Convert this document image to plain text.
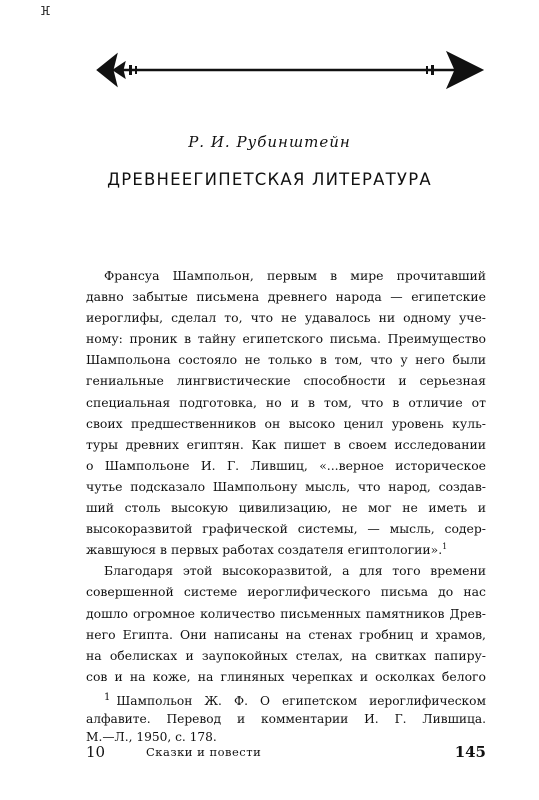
ⴼ
Р. И. Рубинштейн
ДРЕВНЕЕГИПЕТСКАЯ ЛИТЕРАТУРА
Франсуа Шампольон, первым в мире прочитавший
давно забытые письмена древнего народа — египетские
иероглифы, сделал то, что не удавалось ни одному уче-
ному: проник в тайну египетского письма. Преимущество
Шампольона состояло не только в том, что у него были
гениальные лингвистические способности и серьезная
специальная подготовка, но и в том, что в отличие от
своих предшественников он высоко ценил уровень куль-
туры древних египтян. Как пишет в своем исследовании
о Шампольоне И. Г. Лившиц, «...верное историческое
чутье подсказало Шампольону мысль, что народ, создав-
ший столь высокую цивилизацию, не мог не иметь и
высокоразвитой графической системы, — мысль, содер-
жавшуюся в первых работах создателя египтологии».$^1$
Благодаря этой высокоразвитой, а для того времени
совершенной системе иероглифического письма до нас
дошло огромное количество письменных памятников Древ-
него Египта. Они написаны на стенах гробниц и храмов,
на обелисках и заупокойных стелах, на свитках папиру-
сов и на коже, на глиняных черепках и осколках белого
$^1$ Шампольон Ж. Ф. О египетском иероглифическом
алфавите. Перевод и комментарии И. Г. Лившица.
М.—Л., 1950, с. 178.
10	Сказки и повести	145
